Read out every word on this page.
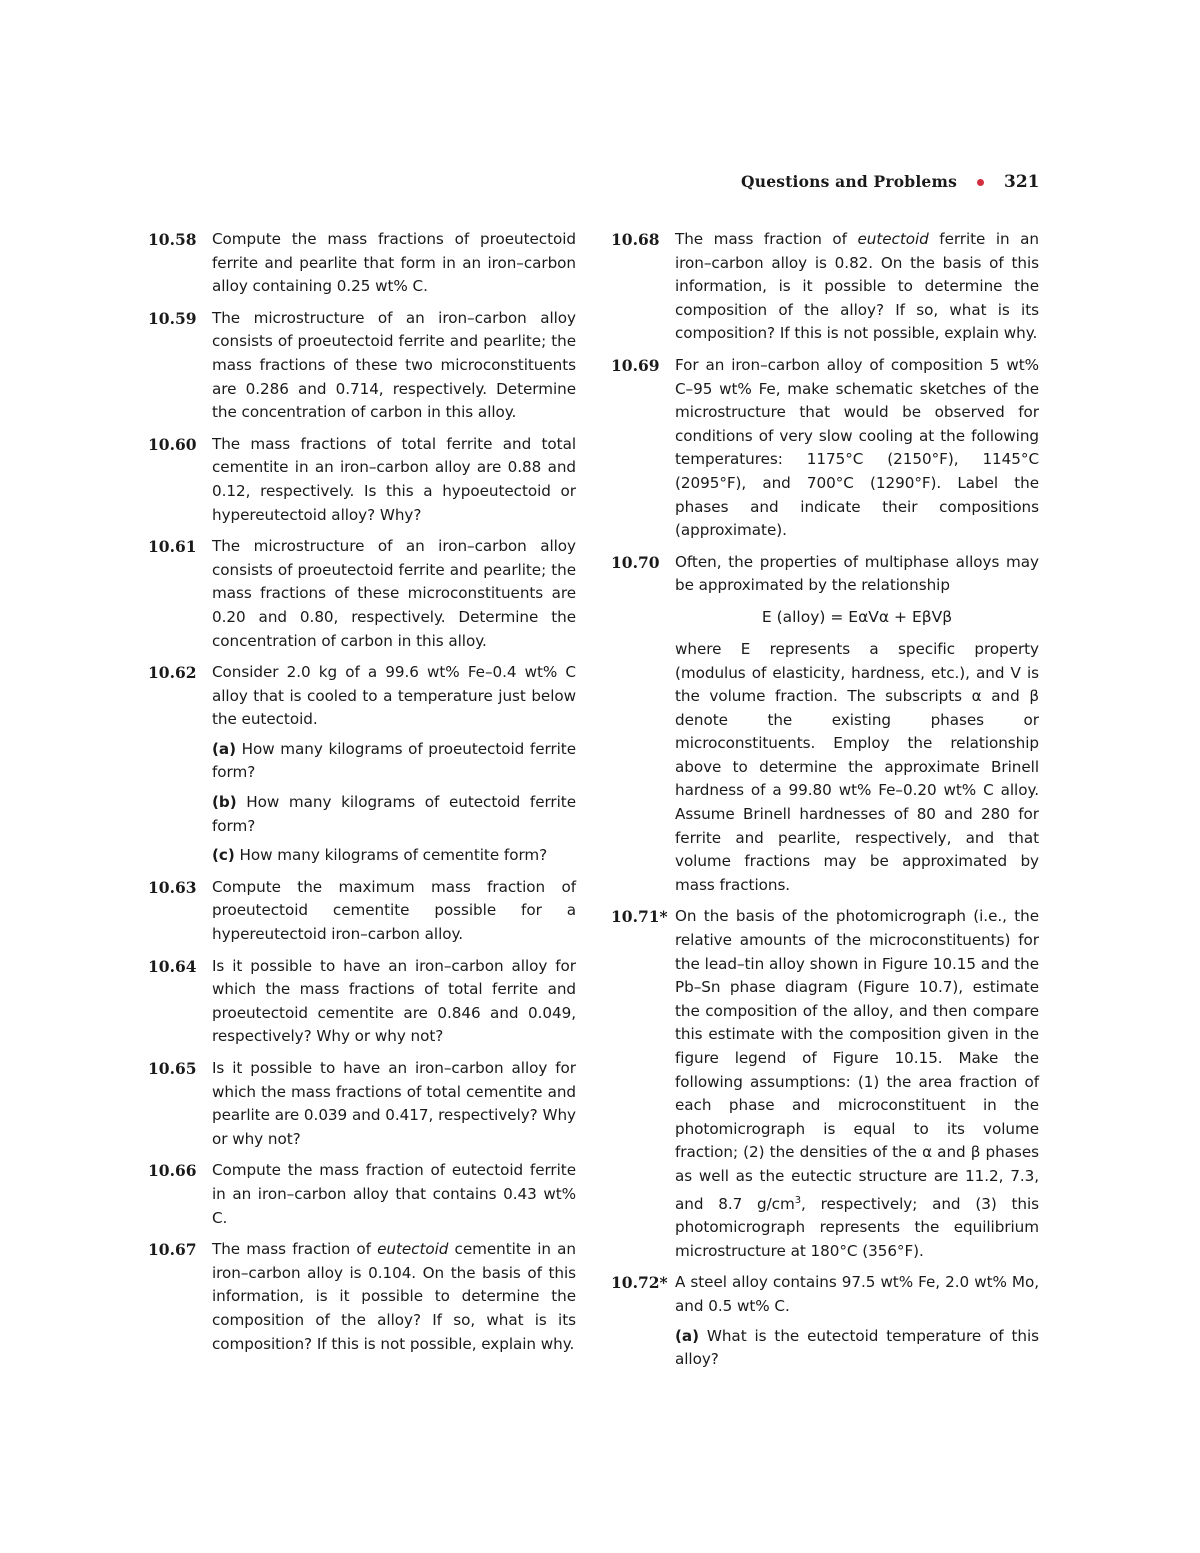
Questions and Problems	321
10.58	Compute the mass fractions of proeutectoid ferrite and pearlite that form in an iron–carbon alloy containing 0.25 wt% C.

10.59	The microstructure of an iron–carbon alloy consists of proeutectoid ferrite and pearlite; the mass fractions of these two microconstituents are 0.286 and 0.714, respectively. Determine the concentration of carbon in this alloy.

10.60	The mass fractions of total ferrite and total cementite in an iron–carbon alloy are 0.88 and 0.12, respectively. Is this a hypoeutectoid or hypereutectoid alloy? Why?

10.61	The microstructure of an iron–carbon alloy consists of proeutectoid ferrite and pearlite; the mass fractions of these microconstituents are 0.20 and 0.80, respectively. Determine the concentration of carbon in this alloy.

10.62	Consider 2.0 kg of a 99.6 wt% Fe–0.4 wt% C alloy that is cooled to a temperature just below the eutectoid.

(a) How many kilograms of proeutectoid ferrite form?

(b) How many kilograms of eutectoid ferrite form?

(c) How many kilograms of cementite form?

10.63	Compute the maximum mass fraction of proeutectoid cementite possible for a hypereutectoid iron–carbon alloy.

10.64	Is it possible to have an iron–carbon alloy for which the mass fractions of total ferrite and proeutectoid cementite are 0.846 and 0.049, respectively? Why or why not?

10.65	Is it possible to have an iron–carbon alloy for which the mass fractions of total cementite and pearlite are 0.039 and 0.417, respectively? Why or why not?

10.66	Compute the mass fraction of eutectoid ferrite in an iron–carbon alloy that contains 0.43 wt% C.

10.67	The mass fraction of eutectoid cementite in an iron–carbon alloy is 0.104. On the basis of this information, is it possible to determine the composition of the alloy? If so, what is its composition? If this is not possible, explain why.

10.68	The mass fraction of eutectoid ferrite in an iron–carbon alloy is 0.82. On the basis of this information, is it possible to determine the composition of the alloy? If so, what is its composition? If this is not possible, explain why.

10.69	For an iron–carbon alloy of composition 5 wt% C–95 wt% Fe, make schematic sketches of the microstructure that would be observed for conditions of very slow cooling at the following temperatures: 1175°C (2150°F), 1145°C (2095°F), and 700°C (1290°F). Label the phases and indicate their compositions (approximate).

10.70	Often, the properties of multiphase alloys may be approximated by the relationship

E (alloy) = EαVα + EβVβ

where E represents a specific property (modulus of elasticity, hardness, etc.), and V is the volume fraction. The subscripts α and β denote the existing phases or microconstituents. Employ the relationship above to determine the approximate Brinell hardness of a 99.80 wt% Fe–0.20 wt% C alloy. Assume Brinell hardnesses of 80 and 280 for ferrite and pearlite, respectively, and that volume fractions may be approximated by mass fractions.

10.71* On the basis of the photomicrograph (i.e., the relative amounts of the microconstituents) for the lead–tin alloy shown in Figure 10.15 and the Pb–Sn phase diagram (Figure 10.7), estimate the composition of the alloy, and then compare this estimate with the composition given in the figure legend of Figure 10.15. Make the following assumptions: (1) the area fraction of each phase and microconstituent in the photomicrograph is equal to its volume fraction; (2) the densities of the α and β phases as well as the eutectic structure are 11.2, 7.3, and 8.7 $g/cm^3$, respectively; and (3) this photomicrograph represents the equilibrium microstructure at 180°C (356°F).

10.72* A steel alloy contains 97.5 wt% Fe, 2.0 wt% Mo, and 0.5 wt% C.

(a) What is the eutectoid temperature of this alloy?
